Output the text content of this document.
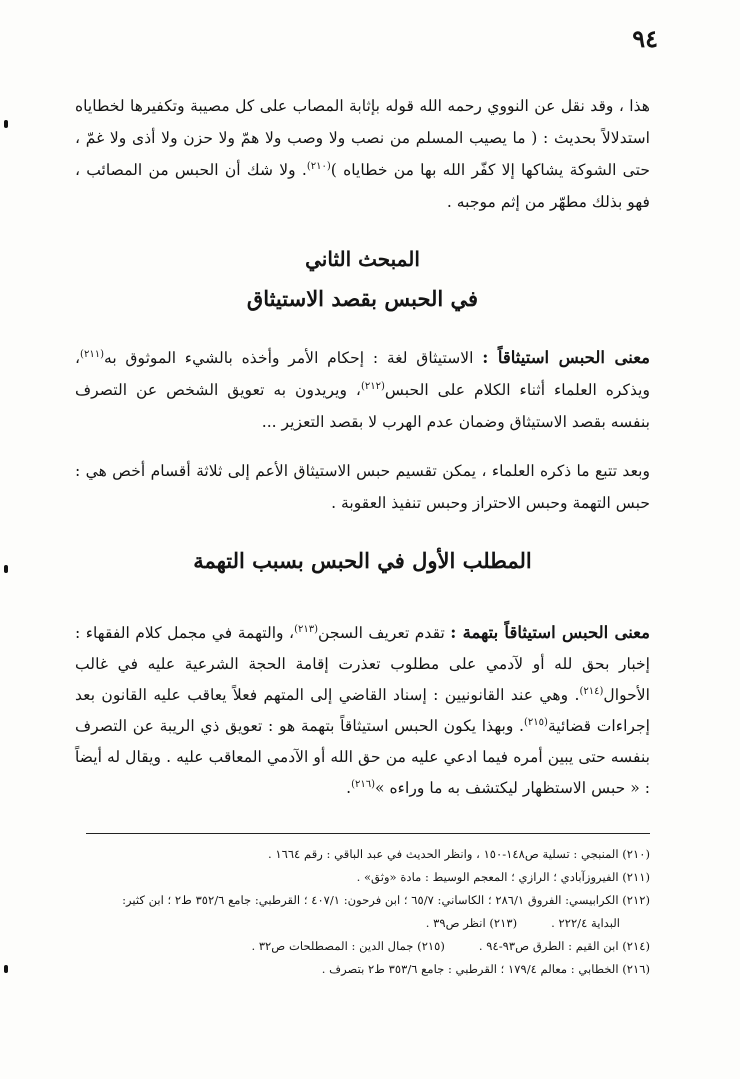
٩٤
هذا ، وقد نقل عن النووي رحمه الله قوله بإثابة المصاب على كل مصيبة وتكفيرها لخطاياه استدلالاً بحديث : ( ما يصيب المسلم من نصب ولا وصب ولا همّ ولا حزن ولا أذى ولا غمّ ، حتى الشوكة يشاكها إلا كفّر الله بها من خطاياه )$^{(٢١٠)}$. ولا شك أن الحبس من المصائب ، فهو بذلك مطهّر من إثم موجبه .
المبحث الثاني
في الحبس بقصد الاستيثاق
معنى الحبس استيثاقاً : الاستيثاق لغة : إحكام الأمر وأخذه بالشيء الموثوق به$^{(٢١١)}$، ويذكره العلماء أثناء الكلام على الحبس$^{(٢١٢)}$، ويريدون به تعويق الشخص عن التصرف بنفسه بقصد الاستيثاق وضمان عدم الهرب لا بقصد التعزير ...
وبعد تتبع ما ذكره العلماء ، يمكن تقسيم حبس الاستيثاق الأعم إلى ثلاثة أقسام أخص هي : حبس التهمة وحبس الاحتراز وحبس تنفيذ العقوبة .
المطلب الأول في الحبس بسبب التهمة
معنى الحبس استيثاقاً بتهمة : تقدم تعريف السجن$^{(٢١٣)}$، والتهمة في مجمل كلام الفقهاء : إخبار بحق لله أو لآدمي على مطلوب تعذرت إقامة الحجة الشرعية عليه في غالب الأحوال$^{(٢١٤)}$. وهي عند القانونيين : إسناد القاضي إلى المتهم فعلاً يعاقب عليه القانون بعد إجراءات قضائية$^{(٢١٥)}$. وبهذا يكون الحبس استيثاقاً بتهمة هو : تعويق ذي الريبة عن التصرف بنفسه حتى يبين أمره فيما ادعي عليه من حق الله أو الآدمي المعاقب عليه . ويقال له أيضاً : « حبس الاستظهار ليكتشف به ما وراءه »$^{(٢١٦)}$.
(٢١٠) المنبجي : تسلية ص١٤٨-١٥٠ ، وانظر الحديث في عبد الباقي : رقم ١٦٦٤ .
(٢١١) الفيروزآبادي ؛ الرازي ؛ المعجم الوسيط : مادة «وثق» .
(٢١٢) الكرابيسي: الفروق ٢٨٦/١ ؛ الكاساني: ٦٥/٧ ؛ ابن فرحون: ٤٠٧/١ ؛ القرطبي: جامع ٣٥٢/٦ ط٢ ؛ ابن كثير:
البداية ٢٢٢/٤ .
(٢١٣) انظر ص٣٩ .
(٢١٤) ابن القيم : الطرق ص٩٣-٩٤ .
(٢١٥) جمال الدين : المصطلحات ص٣٢ .
(٢١٦) الخطابي : معالم ١٧٩/٤ ؛ القرطبي : جامع ٣٥٣/٦ ط٢ بتصرف .
